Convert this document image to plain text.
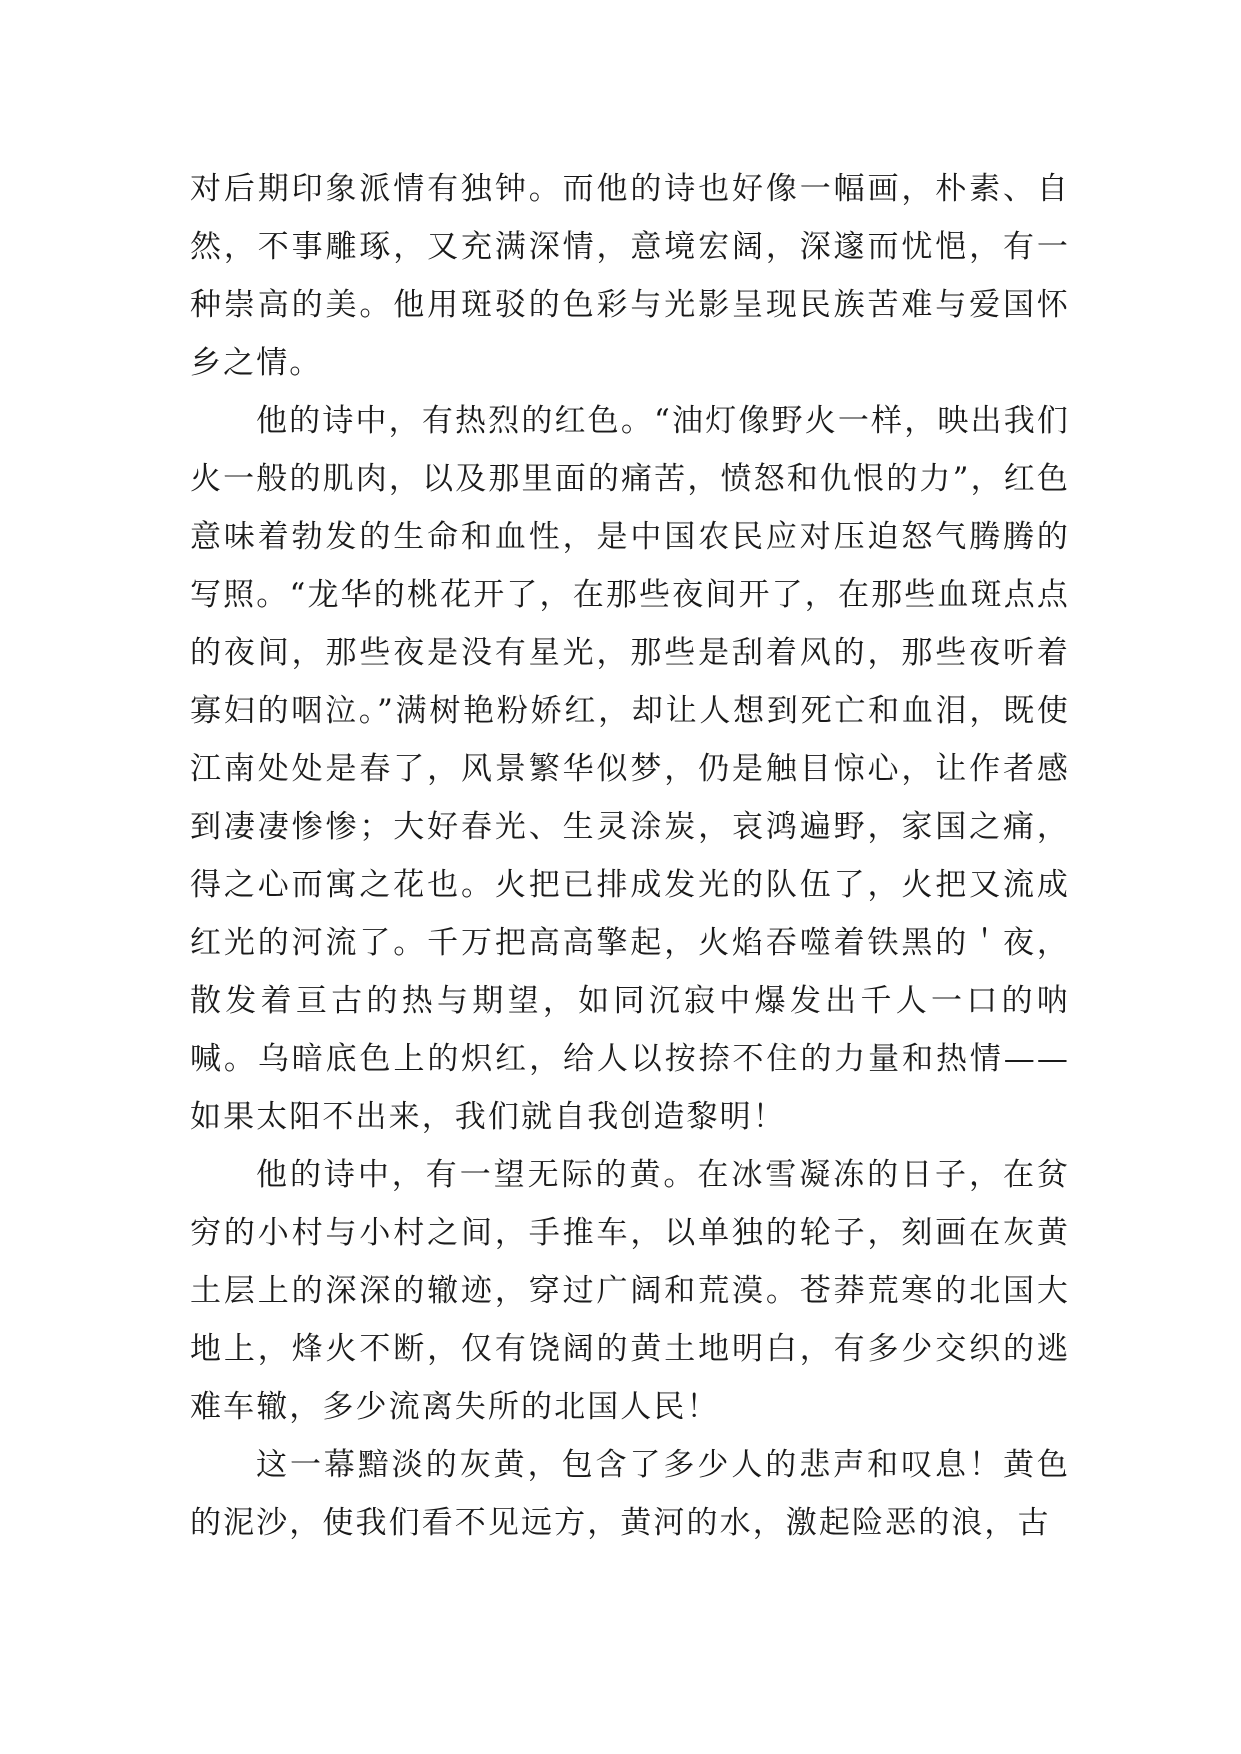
对后期印象派情有独钟。而他的诗也好像一幅画，朴素、自然，不事雕琢，又充满深情，意境宏阔，深邃而忧悒，有一种崇高的美。他用斑驳的色彩与光影呈现民族苦难与爱国怀乡之情。

他的诗中，有热烈的红色。“油灯像野火一样，映出我们火一般的肌肉，以及那里面的痛苦，愤怒和仇恨的力”，红色意味着勃发的生命和血性，是中国农民应对压迫怒气腾腾的写照。“龙华的桃花开了，在那些夜间开了，在那些血斑点点的夜间，那些夜是没有星光，那些是刮着风的，那些夜听着寡妇的咽泣。”满树艳粉娇红，却让人想到死亡和血泪，既使江南处处是春了，风景繁华似梦，仍是触目惊心，让作者感到凄凄惨惨；大好春光、生灵涂炭，哀鸿遍野，家国之痛，得之心而寓之花也。火把已排成发光的队伍了，火把又流成红光的河流了。千万把高高擎起，火焰吞噬着铁黑的＇夜，散发着亘古的热与期望，如同沉寂中爆发出千人一口的呐喊。乌暗底色上的炽红，给人以按捺不住的力量和热情——如果太阳不出来，我们就自我创造黎明！

他的诗中，有一望无际的黄。在冰雪凝冻的日子，在贫穷的小村与小村之间，手推车，以单独的轮子，刻画在灰黄土层上的深深的辙迹，穿过广阔和荒漠。苍莽荒寒的北国大地上，烽火不断，仅有饶阔的黄土地明白，有多少交织的逃难车辙，多少流离失所的北国人民！

这一幕黯淡的灰黄，包含了多少人的悲声和叹息！黄色的泥沙，使我们看不见远方，黄河的水，激起险恶的浪，古
